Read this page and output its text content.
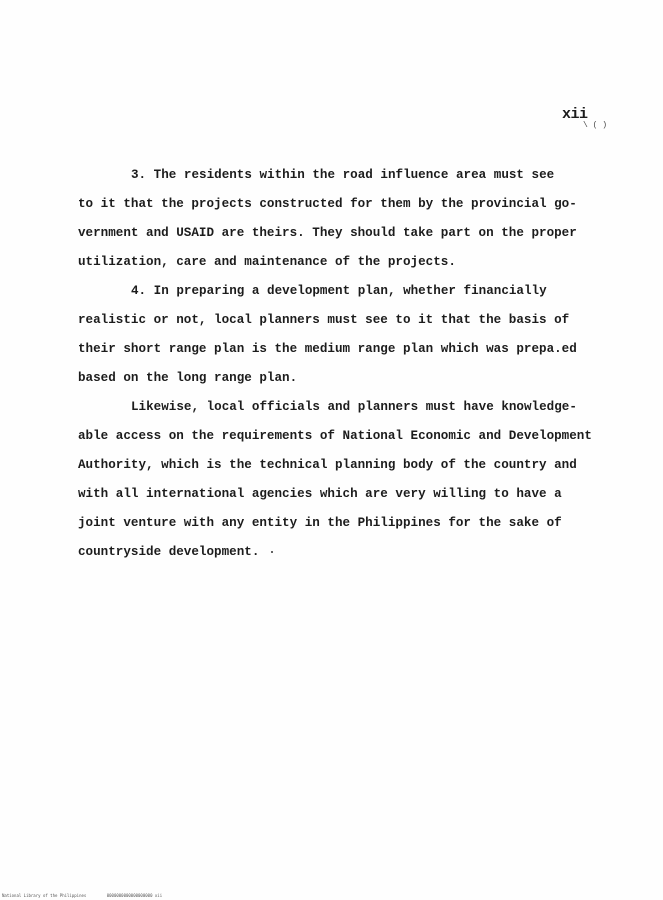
xii
\ ( )
3. The residents within the road influence area must see
to it that the projects constructed for them by the provincial go-
vernment and USAID are theirs. They should take part on the proper
utilization, care and maintenance of the projects.
4. In preparing a development plan, whether financially
realistic or not, local planners must see to it that the basis of
their short range plan is the medium range plan which was prepa.ed
based on the long range plan.
Likewise, local officials and planners must have knowledge-
able access on the requirements of National Economic and Development
Authority, which is the technical planning body of the country and
with all international agencies which are very willing to have a
joint venture with any entity in the Philippines for the sake of
countryside development.
National Library of the Philippines	0000000000000000000 xii
